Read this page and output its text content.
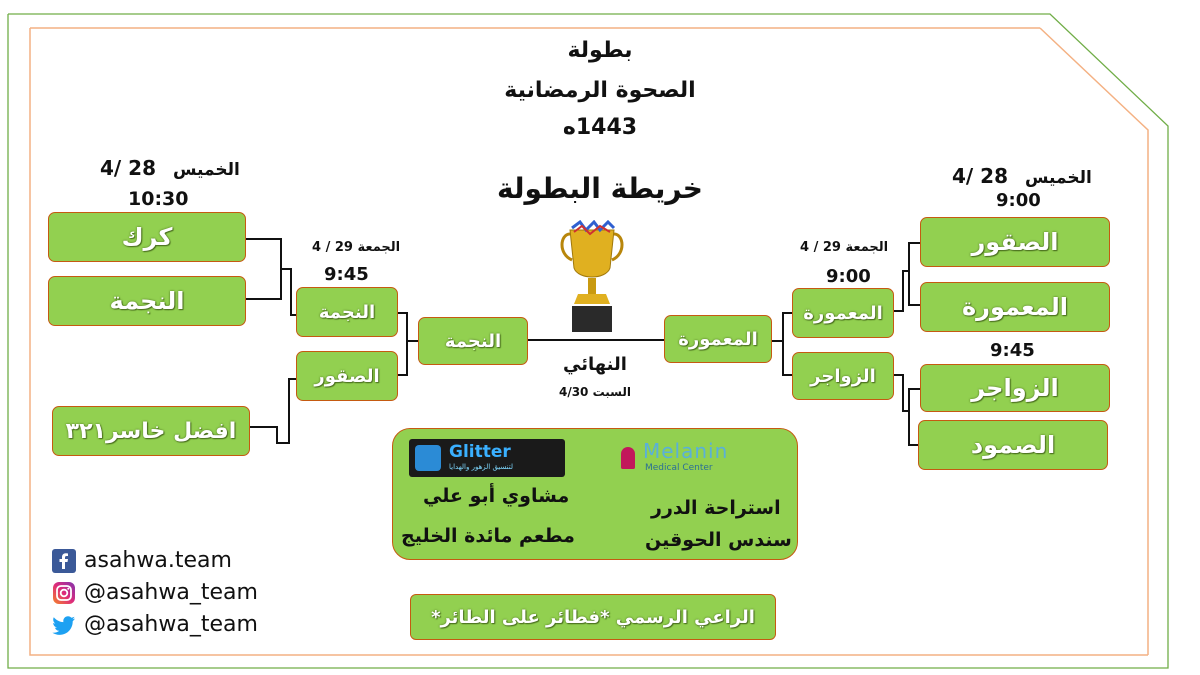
بطولة
الصحوة الرمضانية
1443ه
خريطة البطولة
4/ 28 الخميس
10:30
4/ 28 الخميس
9:00
9:45
الجمعة 29 / 4
9:45
الجمعة 29 / 4
9:00
كرك
النجمة
افضل خاسر٣٢١
النجمة
الصقور
النجمة
النهائي
السبت 4/30
المعمورة
المعمورة
الزواجر
الصقور
المعمورة
الزواجر
الصمود
Glitter
لتنسيق الزهور والهدايا
Melanin
Medical Center
مشاوي أبو علي
مطعم مائدة الخليج
استراحة الدرر
سندس الحوقين
الراعي الرسمي *فطائر على الطائر*
asahwa.team
@asahwa_team
@asahwa_team
